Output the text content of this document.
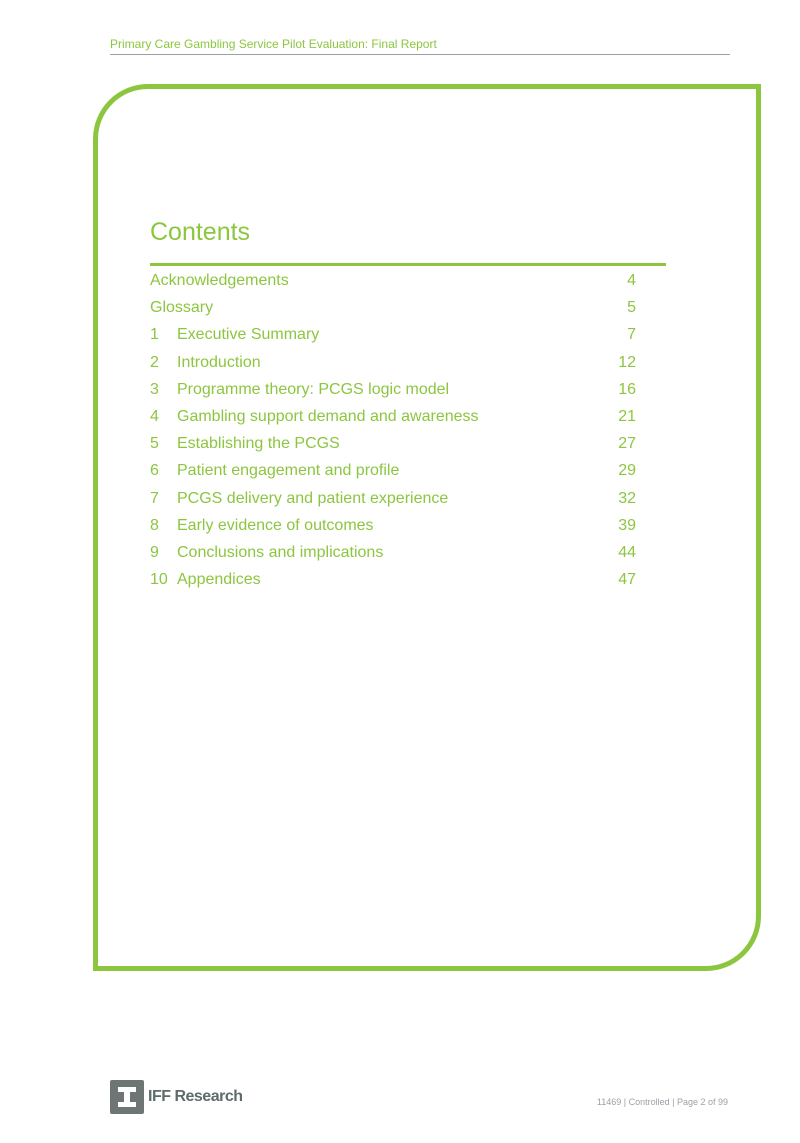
Primary Care Gambling Service Pilot Evaluation: Final Report
Contents
Acknowledgements	4
Glossary	5
1 Executive Summary	7
2 Introduction	12
3 Programme theory: PCGS logic model	16
4 Gambling support demand and awareness	21
5 Establishing the PCGS	27
6 Patient engagement and profile	29
7 PCGS delivery and patient experience	32
8 Early evidence of outcomes	39
9 Conclusions and implications	44
10 Appendices	47
IFF Research	11469 | Controlled | Page 2 of 99
